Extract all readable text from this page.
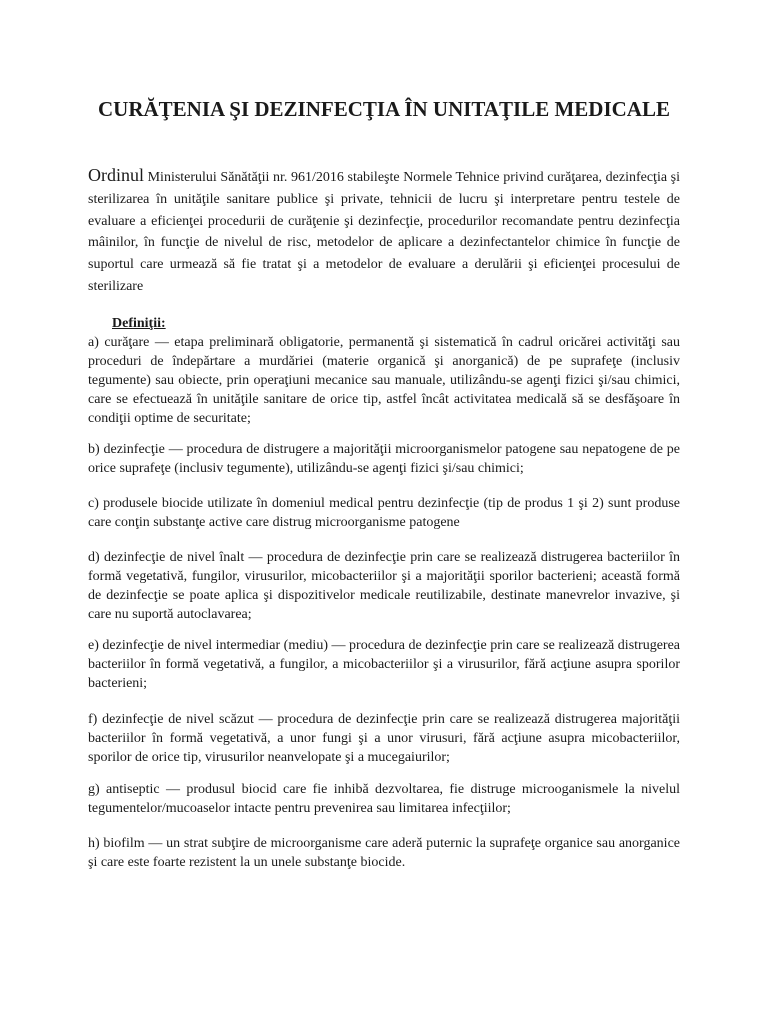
CURĂŢENIA ŞI DEZINFECŢIA ÎN UNITAŢILE MEDICALE

Ordinul Ministerului Sănătăţii nr. 961/2016 stabileşte Normele Tehnice privind curăţarea, dezinfecţia şi sterilizarea în unităţile sanitare publice şi private, tehnicii de lucru şi interpretare pentru testele de evaluare a eficienţei procedurii de curăţenie şi dezinfecţie, procedurilor recomandate pentru dezinfecţia mâinilor, în funcţie de nivelul de risc, metodelor de aplicare a dezinfectantelor chimice în funcţie de suportul care urmează să fie tratat şi a metodelor de evaluare a derulării şi eficienţei procesului de sterilizare

Definiţii:

a) curăţare — etapa preliminară obligatorie, permanentă şi sistematică în cadrul oricărei activităţi sau proceduri de îndepărtare a murdăriei (materie organică şi anorganică) de pe suprafeţe (inclusiv tegumente) sau obiecte, prin operaţiuni mecanice sau manuale, utilizându-se agenţi fizici şi/sau chimici, care se efectuează în unităţile sanitare de orice tip, astfel încât activitatea medicală să se desfăşoare în condiţii optime de securitate;

b) dezinfecţie — procedura de distrugere a majorităţii microorganismelor patogene sau nepatogene de pe orice suprafeţe (inclusiv tegumente), utilizându-se agenţi fizici şi/sau chimici;

c) produsele biocide utilizate în domeniul medical pentru dezinfecţie (tip de produs 1 şi 2) sunt produse care conţin substanţe active care distrug microorganisme patogene

d) dezinfecţie de nivel înalt — procedura de dezinfecţie prin care se realizează distrugerea bacteriilor în formă vegetativă, fungilor, virusurilor, micobacteriilor şi a majorităţii sporilor bacterieni; această formă de dezinfecţie se poate aplica şi dispozitivelor medicale reutilizabile, destinate manevrelor invazive, şi care nu suportă autoclavarea;

e) dezinfecţie de nivel intermediar (mediu) — procedura de dezinfecţie prin care se realizează distrugerea bacteriilor în formă vegetativă, a fungilor, a micobacteriilor şi a virusurilor, fără acţiune asupra sporilor bacterieni;

f) dezinfecţie de nivel scăzut — procedura de dezinfecţie prin care se realizează distrugerea majorităţii bacteriilor în formă vegetativă, a unor fungi şi a unor virusuri, fără acţiune asupra micobacteriilor, sporilor de orice tip, virusurilor neanvelopate şi a mucegaiurilor;

g) antiseptic — produsul biocid care fie inhibă dezvoltarea, fie distruge microoganismele la nivelul tegumentelor/mucoaselor intacte pentru prevenirea sau limitarea infecţiilor;

h) biofilm — un strat subţire de microorganisme care aderă puternic la suprafeţe organice sau anorganice şi care este foarte rezistent la un unele substanţe biocide.
